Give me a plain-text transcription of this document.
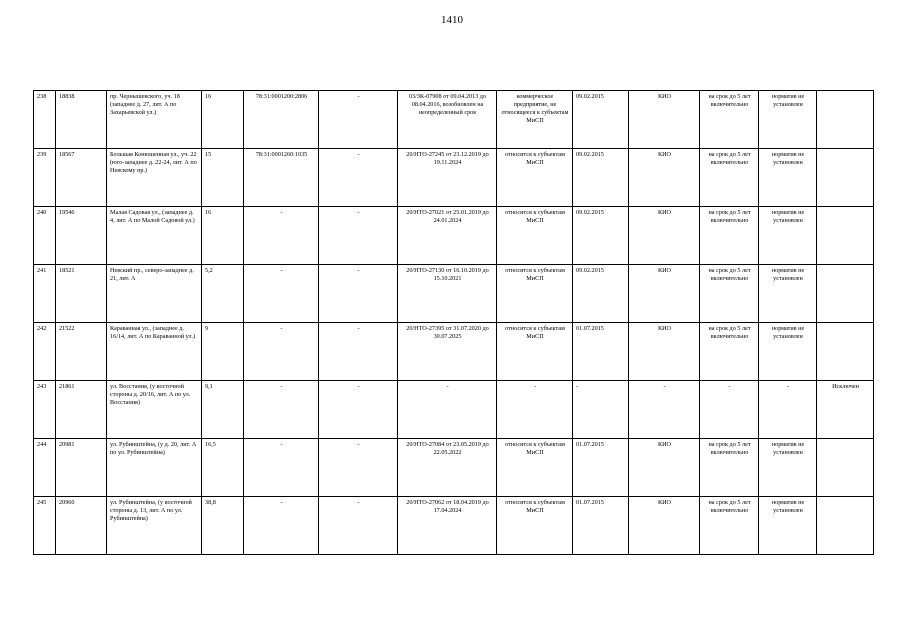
1410
238	18838	пр. Чернышевского, уч. 18 (западнее д. 27, лит. А по Захарьевской ул.)	16	78:31:0001200:2806	-	03/ЗК-07908 от 09.04.2013 до 08.04.2016, возобновлен на неопределенный срок	коммерческое предприятие, не относящееся к субъектам МиСП	09.02.2015	КИО	на срок до 5 лет включительно	норматив не установлен	
239	18567	Большая Конюшенная ул., уч. 22 (юго-западнее д. 22-24, лит. А по Невскому пр.)	15	78:31:0001260:1035	-	20/НТО-27245 от 23.12.2019 до 19.11.2024	относится к субъектам МиСП	09.02.2015	КИО	на срок до 5 лет включительно	норматив не установлен	
240	19546	Малая Садовая ул., (западнее д. 4, лит. А по Малой Садовой ул.)	16	-	-	20/НТО-27021 от 25.01.2019 до 24.01.2024	относится к субъектам МиСП	09.02.2015	КИО	на срок до 5 лет включительно	норматив не установлен	
241	18521	Невский пр., северо-западнее д. 21, лит. А	5,2	-	-	20/НТО-27130 от 16.10.2019 до 15.10.2021	относится к субъектам МиСП	09.02.2015	КИО	на срок до 5 лет включительно	норматив не установлен	
242	21522	Караванная ул., (западнее д. 16/14, лит. А по Караванной ул.)	9	-	-	20/НТО-27395 от 31.07.2020 до 30.07.2025	относится к субъектам МиСП	01.07.2015	КИО	на срок до 5 лет включительно	норматив не установлен	
243	21861	ул. Восстания, (у восточной стороны д. 20/16, лит. А по ул. Восстания)	9,1	-	-	-	-	-	-	-	-	Исключен
244	20981	ул. Рубинштейна, (у д. 20, лит. А по ул. Рубинштейна)	16,5	-	-	20/НТО-27084 от 23.05.2019 до 22.05.2022	относится к субъектам МиСП	01.07.2015	КИО	на срок до 5 лет включительно	норматив не установлен	
245	20960	ул. Рубинштейна, (у восточной стороны д. 13, лит. А по ул. Рубинштейна)	38,8	-	-	20/НТО-27062 от 18.04.2019 до 17.04.2024	относится к субъектам МиСП	01.07.2015	КИО	на срок до 5 лет включительно	норматив не установлен	
